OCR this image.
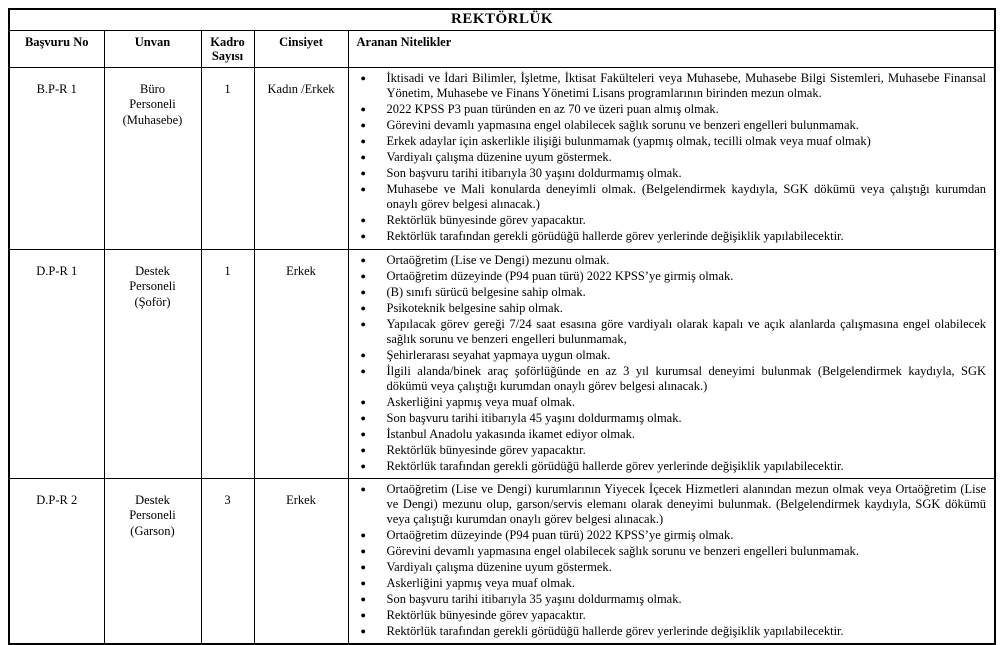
REKTÖRLÜK				
Başvuru No	Unvan	Kadro Sayısı	Cinsiyet	Aranan Nitelikler
B.P-R 1	Büro Personeli (Muhasebe)	1	Kadın /Erkek	
● İktisadi ve İdari Bilimler, İşletme, İktisat Fakülteleri veya Muhasebe, Muhasebe Bilgi Sistemleri, Muhasebe Finansal Yönetim, Muhasebe ve Finans Yönetimi Lisans programlarının birinden mezun olmak.
● 2022 KPSS P3 puan türünden en az 70 ve üzeri puan almış olmak.
● Görevini devamlı yapmasına engel olabilecek sağlık sorunu ve benzeri engelleri bulunmamak.
● Erkek adaylar için askerlikle ilişiği bulunmamak (yapmış olmak, tecilli olmak veya muaf olmak)
● Vardiyalı çalışma düzenine uyum göstermek.
● Son başvuru tarihi itibarıyla 30 yaşını doldurmamış olmak.
● Muhasebe ve Mali konularda deneyimli olmak. (Belgelendirmek kaydıyla, SGK dökümü veya çalıştığı kurumdan onaylı görev belgesi alınacak.)
● Rektörlük bünyesinde görev yapacaktır.
● Rektörlük tarafından gerekli görüdüğü hallerde görev yerlerinde değişiklik yapılabilecektir.

D.P-R 1	Destek Personeli (Şoför)	1	Erkek	
● Ortaöğretim (Lise ve Dengi) mezunu olmak.
● Ortaöğretim düzeyinde (P94 puan türü) 2022 KPSS’ye girmiş olmak.
● (B) sınıfı sürücü belgesine sahip olmak.
● Psikoteknik belgesine sahip olmak.
● Yapılacak görev gereği 7/24 saat esasına göre vardiyalı olarak kapalı ve açık alanlarda çalışmasına engel olabilecek sağlık sorunu ve benzeri engelleri bulunmamak,
● Şehirlerarası seyahat yapmaya uygun olmak.
● İlgili alanda/binek araç şoförlüğünde en az 3 yıl kurumsal deneyimi bulunmak (Belgelendirmek kaydıyla, SGK dökümü veya çalıştığı kurumdan onaylı görev belgesi alınacak.)
● Askerliğini yapmış veya muaf olmak.
● Son başvuru tarihi itibarıyla 45 yaşını doldurmamış olmak.
● İstanbul Anadolu yakasında ikamet ediyor olmak.
● Rektörlük bünyesinde görev yapacaktır.
● Rektörlük tarafından gerekli görüdüğü hallerde görev yerlerinde değişiklik yapılabilecektir.

D.P-R 2	Destek Personeli (Garson)	3	Erkek	
● Ortaöğretim (Lise ve Dengi) kurumlarının Yiyecek İçecek Hizmetleri alanından mezun olmak veya Ortaöğretim (Lise ve Dengi) mezunu olup, garson/servis elemanı olarak deneyimi bulunmak. (Belgelendirmek kaydıyla, SGK dökümü veya çalıştığı kurumdan onaylı görev belgesi alınacak.)
● Ortaöğretim düzeyinde (P94 puan türü) 2022 KPSS’ye girmiş olmak.
● Görevini devamlı yapmasına engel olabilecek sağlık sorunu ve benzeri engelleri bulunmamak.
● Vardiyalı çalışma düzenine uyum göstermek.
● Askerliğini yapmış veya muaf olmak.
● Son başvuru tarihi itibarıyla 35 yaşını doldurmamış olmak.
● Rektörlük bünyesinde görev yapacaktır.
● Rektörlük tarafından gerekli görüdüğü hallerde görev yerlerinde değişiklik yapılabilecektir.
